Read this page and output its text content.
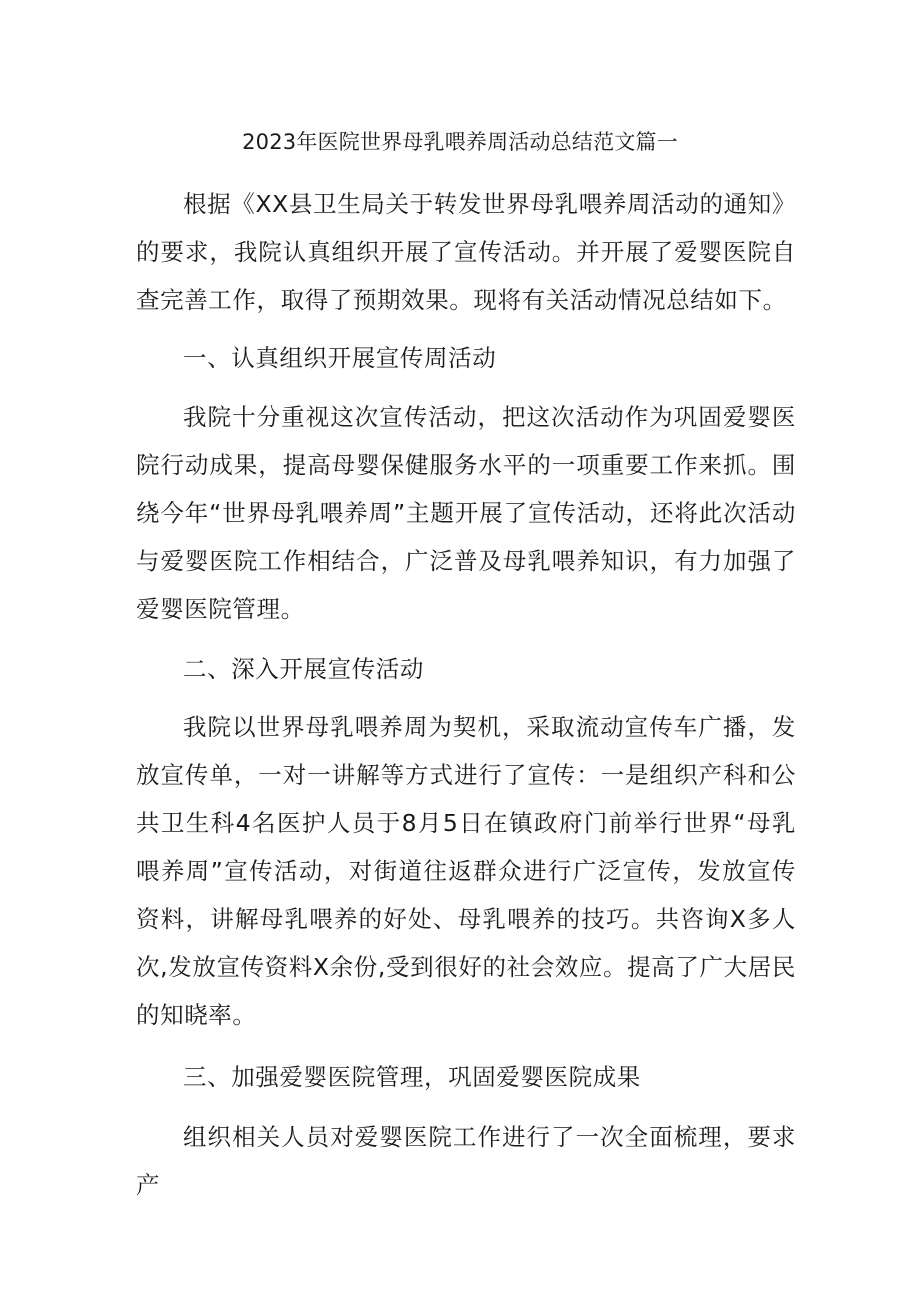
2023年医院世界母乳喂养周活动总结范文篇一

根据《XX县卫生局关于转发世界母乳喂养周活动的通知》的要求，我院认真组织开展了宣传活动。并开展了爱婴医院自查完善工作，取得了预期效果。现将有关活动情况总结如下。

一、认真组织开展宣传周活动

我院十分重视这次宣传活动，把这次活动作为巩固爱婴医院行动成果，提高母婴保健服务水平的一项重要工作来抓。围绕今年“世界母乳喂养周”主题开展了宣传活动，还将此次活动与爱婴医院工作相结合，广泛普及母乳喂养知识，有力加强了爱婴医院管理。

二、深入开展宣传活动

我院以世界母乳喂养周为契机，采取流动宣传车广播，发放宣传单，一对一讲解等方式进行了宣传：一是组织产科和公共卫生科4名医护人员于8月5日在镇政府门前举行世界“母乳喂养周”宣传活动，对街道往返群众进行广泛宣传，发放宣传资料，讲解母乳喂养的好处、母乳喂养的技巧。共咨询X多人次,发放宣传资料X余份,受到很好的社会效应。提高了广大居民的知晓率。

三、加强爱婴医院管理，巩固爱婴医院成果

组织相关人员对爱婴医院工作进行了一次全面梳理，要求产
